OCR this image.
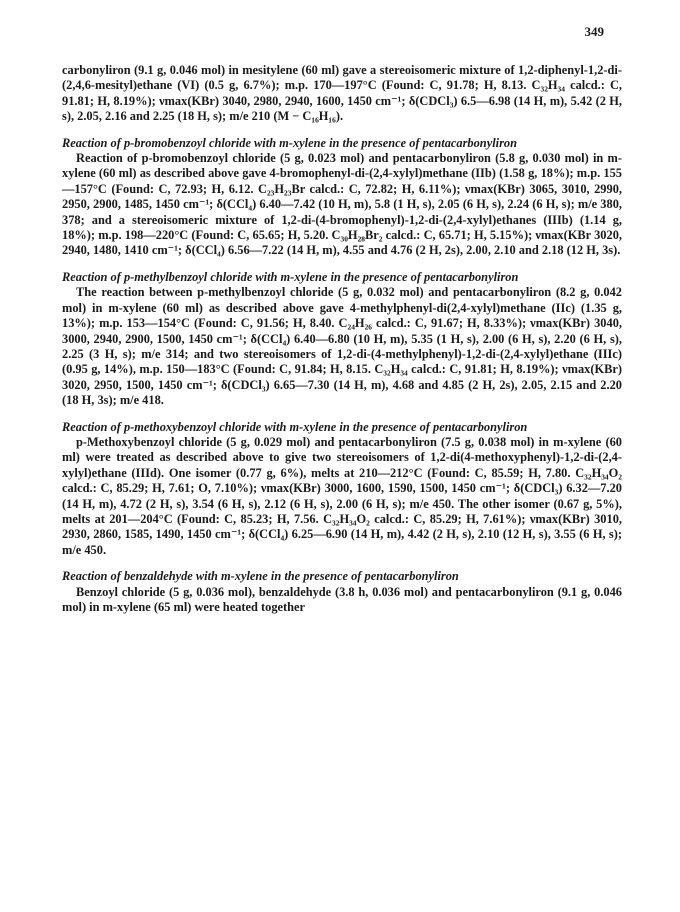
349

carbonyliron (9.1 g, 0.046 mol) in mesitylene (60 ml) gave a stereoisomeric mixture of 1,2-diphenyl-1,2-di-(2,4,6-mesityl)ethane (VI) (0.5 g, 6.7%); m.p. 170—197°C (Found: C, 91.78; H, 8.13. C₃₂H₃₄ calcd.: C, 91.81; H, 8.19%); νmax(KBr) 3040, 2980, 2940, 1600, 1450 cm⁻¹; δ(CDCl₃) 6.5—6.98 (14 H, m), 5.42 (2 H, s), 2.05, 2.16 and 2.25 (18 H, s); m/e 210 (M − C₁₆H₁₆).

Reaction of p-bromobenzoyl chloride with m-xylene in the presence of pentacarbonyliron

Reaction of p-bromobenzoyl chloride (5 g, 0.023 mol) and pentacarbonyliron (5.8 g, 0.030 mol) in m-xylene (60 ml) as described above gave 4-bromophenyl-di-(2,4-xylyl)methane (IIb) (1.58 g, 18%); m.p. 155—157°C (Found: C, 72.93; H, 6.12. C₂₃H₂₃Br calcd.: C, 72.82; H, 6.11%); νmax(KBr) 3065, 3010, 2990, 2950, 2900, 1485, 1450 cm⁻¹; δ(CCl₄) 6.40—7.42 (10 H, m), 5.8 (1 H, s), 2.05 (6 H, s), 2.24 (6 H, s); m/e 380, 378; and a stereoisomeric mixture of 1,2-di-(4-bromophenyl)-1,2-di-(2,4-xylyl)ethanes (IIIb) (1.14 g, 18%); m.p. 198—220°C (Found: C, 65.65; H, 5.20. C₃₀H₂₈Br₂ calcd.: C, 65.71; H, 5.15%); νmax(KBr 3020, 2940, 1480, 1410 cm⁻¹; δ(CCl₄) 6.56—7.22 (14 H, m), 4.55 and 4.76 (2 H, 2s), 2.00, 2.10 and 2.18 (12 H, 3s).

Reaction of p-methylbenzoyl chloride with m-xylene in the presence of pentacarbonyliron

The reaction between p-methylbenzoyl chloride (5 g, 0.032 mol) and pentacarbonyliron (8.2 g, 0.042 mol) in m-xylene (60 ml) as described above gave 4-methylphenyl-di(2,4-xylyl)methane (IIc) (1.35 g, 13%); m.p. 153—154°C (Found: C, 91.56; H, 8.40. C₂₄H₂₆ calcd.: C, 91.67; H, 8.33%); νmax(KBr) 3040, 3000, 2940, 2900, 1500, 1450 cm⁻¹; δ(CCl₄) 6.40—6.80 (10 H, m), 5.35 (1 H, s), 2.00 (6 H, s), 2.20 (6 H, s), 2.25 (3 H, s); m/e 314; and two stereoisomers of 1,2-di-(4-methylphenyl)-1,2-di-(2,4-xylyl)ethane (IIIc) (0.95 g, 14%), m.p. 150—183°C (Found: C, 91.84; H, 8.15. C₃₂H₃₄ calcd.: C, 91.81; H, 8.19%); νmax(KBr) 3020, 2950, 1500, 1450 cm⁻¹; δ(CDCl₃) 6.65—7.30 (14 H, m), 4.68 and 4.85 (2 H, 2s), 2.05, 2.15 and 2.20 (18 H, 3s); m/e 418.

Reaction of p-methoxybenzoyl chloride with m-xylene in the presence of pentacarbonyliron

p-Methoxybenzoyl chloride (5 g, 0.029 mol) and pentacarbonyliron (7.5 g, 0.038 mol) in m-xylene (60 ml) were treated as described above to give two stereoisomers of 1,2-di(4-methoxyphenyl)-1,2-di-(2,4-xylyl)ethane (IIId). One isomer (0.77 g, 6%), melts at 210—212°C (Found: C, 85.59; H, 7.80. C₃₂H₃₄O₂ calcd.: C, 85.29; H, 7.61; O, 7.10%); νmax(KBr) 3000, 1600, 1590, 1500, 1450 cm⁻¹; δ(CDCl₃) 6.32—7.20 (14 H, m), 4.72 (2 H, s), 3.54 (6 H, s), 2.12 (6 H, s), 2.00 (6 H, s); m/e 450. The other isomer (0.67 g, 5%), melts at 201—204°C (Found: C, 85.23; H, 7.56. C₃₂H₃₄O₂ calcd.: C, 85.29; H, 7.61%); νmax(KBr) 3010, 2930, 2860, 1585, 1490, 1450 cm⁻¹; δ(CCl₄) 6.25—6.90 (14 H, m), 4.42 (2 H, s), 2.10 (12 H, s), 3.55 (6 H, s); m/e 450.

Reaction of benzaldehyde with m-xylene in the presence of pentacarbonyliron

Benzoyl chloride (5 g, 0.036 mol), benzaldehyde (3.8 h, 0.036 mol) and pentacarbonyliron (9.1 g, 0.046 mol) in m-xylene (65 ml) were heated together
